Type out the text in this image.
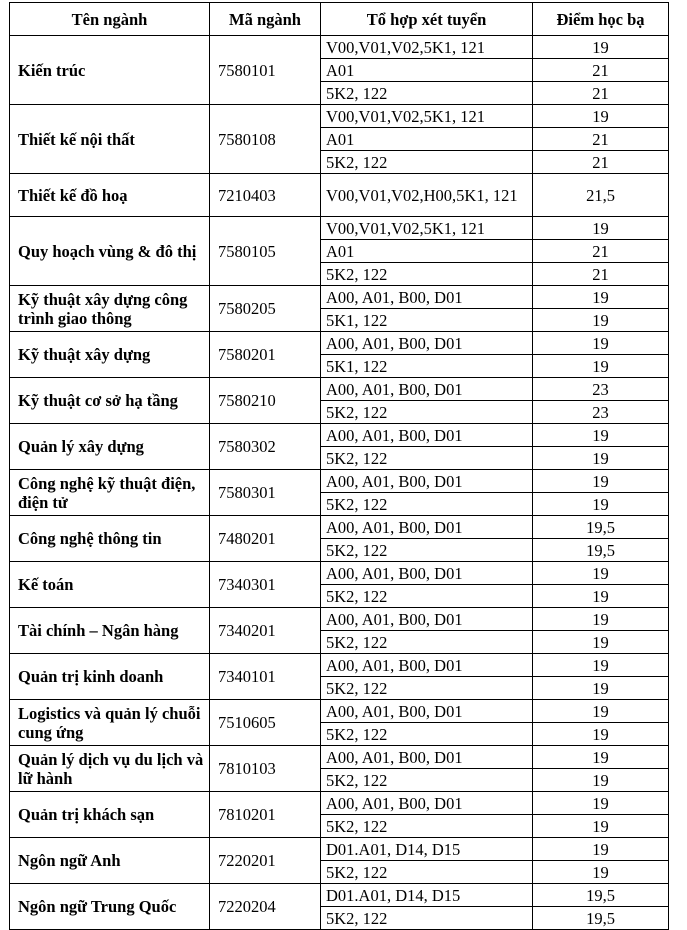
Tên ngành	Mã ngành	Tổ hợp xét tuyển	Điểm học bạ
Kiến trúc	7580101	V00,V01,V02,5K1, 121	19
		A01	21
		5K2, 122	21
Thiết kế nội thất	7580108	V00,V01,V02,5K1, 121	19
		A01	21
		5K2, 122	21
Thiết kế đồ hoạ	7210403	V00,V01,V02,H00,5K1, 121	21,5
Quy hoạch vùng & đô thị	7580105	V00,V01,V02,5K1, 121	19
		A01	21
		5K2, 122	21
Kỹ thuật xây dựng công trình giao thông	7580205	A00, A01, B00, D01	19
		5K1, 122	19
Kỹ thuật xây dựng	7580201	A00, A01, B00, D01	19
		5K1, 122	19
Kỹ thuật cơ sở hạ tầng	7580210	A00, A01, B00, D01	23
		5K2, 122	23
Quản lý xây dựng	7580302	A00, A01, B00, D01	19
		5K2, 122	19
Công nghệ kỹ thuật điện, điện tử	7580301	A00, A01, B00, D01	19
		5K2, 122	19
Công nghệ thông tin	7480201	A00, A01, B00, D01	19,5
		5K2, 122	19,5
Kế toán	7340301	A00, A01, B00, D01	19
		5K2, 122	19
Tài chính – Ngân hàng	7340201	A00, A01, B00, D01	19
		5K2, 122	19
Quản trị kinh doanh	7340101	A00, A01, B00, D01	19
		5K2, 122	19
Logistics và quản lý chuỗi cung ứng	7510605	A00, A01, B00, D01	19
		5K2, 122	19
Quản lý dịch vụ du lịch và lữ hành	7810103	A00, A01, B00, D01	19
		5K2, 122	19
Quản trị khách sạn	7810201	A00, A01, B00, D01	19
		5K2, 122	19
Ngôn ngữ Anh	7220201	D01.A01, D14, D15	19
		5K2, 122	19
Ngôn ngữ Trung Quốc	7220204	D01.A01, D14, D15	19,5
		5K2, 122	19,5
